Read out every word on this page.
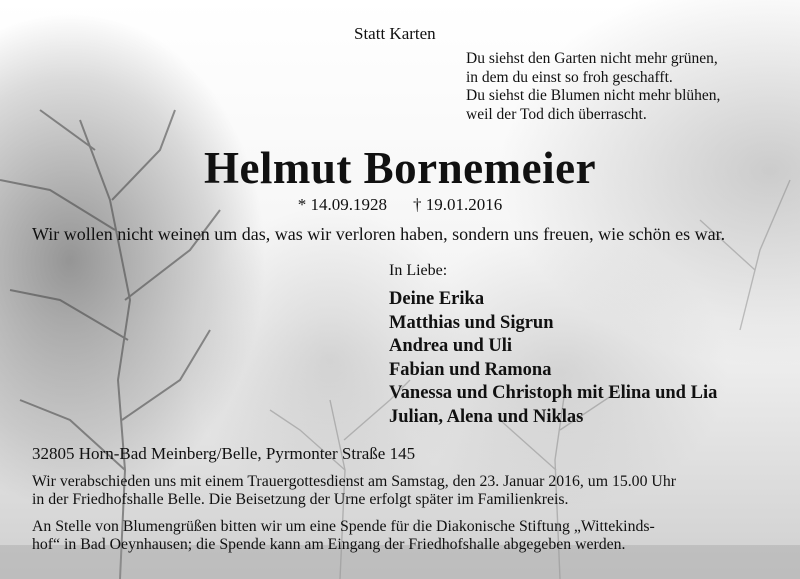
Statt Karten
Du siehst den Garten nicht mehr grünen,
in dem du einst so froh geschafft.
Du siehst die Blumen nicht mehr blühen,
weil der Tod dich überrascht.
Helmut Bornemeier
* 14.09.1928 † 19.01.2016
Wir wollen nicht weinen um das, was wir verloren haben, sondern uns freuen, wie schön es war.
In Liebe:
Deine Erika
Matthias und Sigrun
Andrea und Uli
Fabian und Ramona
Vanessa und Christoph mit Elina und Lia
Julian, Alena und Niklas
32805 Horn-Bad Meinberg/Belle, Pyrmonter Straße 145
Wir verabschieden uns mit einem Trauergottesdienst am Samstag, den 23. Januar 2016, um 15.00 Uhr
in der Friedhofshalle Belle. Die Beisetzung der Urne erfolgt später im Familienkreis.
An Stelle von Blumengrüßen bitten wir um eine Spende für die Diakonische Stiftung „Wittekinds-
hof“ in Bad Oeynhausen; die Spende kann am Eingang der Friedhofshalle abgegeben werden.
